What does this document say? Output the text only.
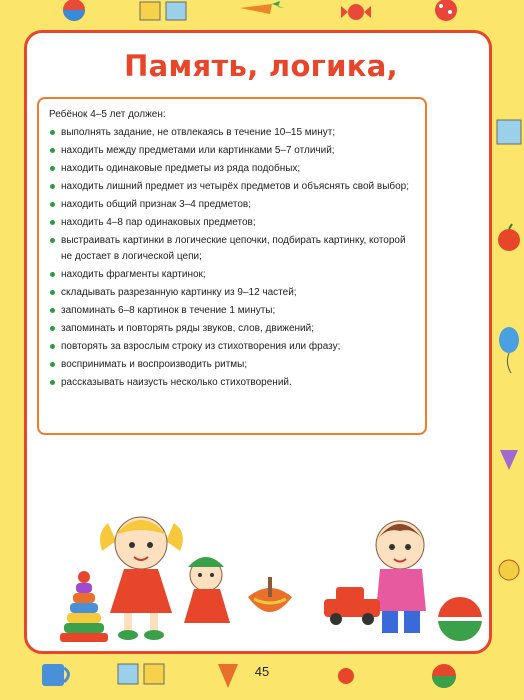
Память, логика,
Ребёнок 4–5 лет должен:
выполнять задание, не отвлекаясь в течение 10–15 минут;
находить между предметами или картинками 5–7 отличий;
находить одинаковые предметы из ряда подобных;
находить лишний предмет из четырёх предметов и объяснять свой выбор;
находить общий признак 3–4 предметов;
находить 4–8 пар одинаковых предметов;
выстраивать картинки в логические цепочки, подбирать картинку, которой не достает в логической цепи;
находить фрагменты картинок;
складывать разрезанную картинку из 9–12 частей;
запоминать 6–8 картинок в течение 1 минуты;
запоминать и повторять ряды звуков, слов, движений;
повторять за взрослым строку из стихотворения или фразу;
воспринимать и воспроизводить ритмы;
рассказывать наизусть несколько стихотворений.
45
